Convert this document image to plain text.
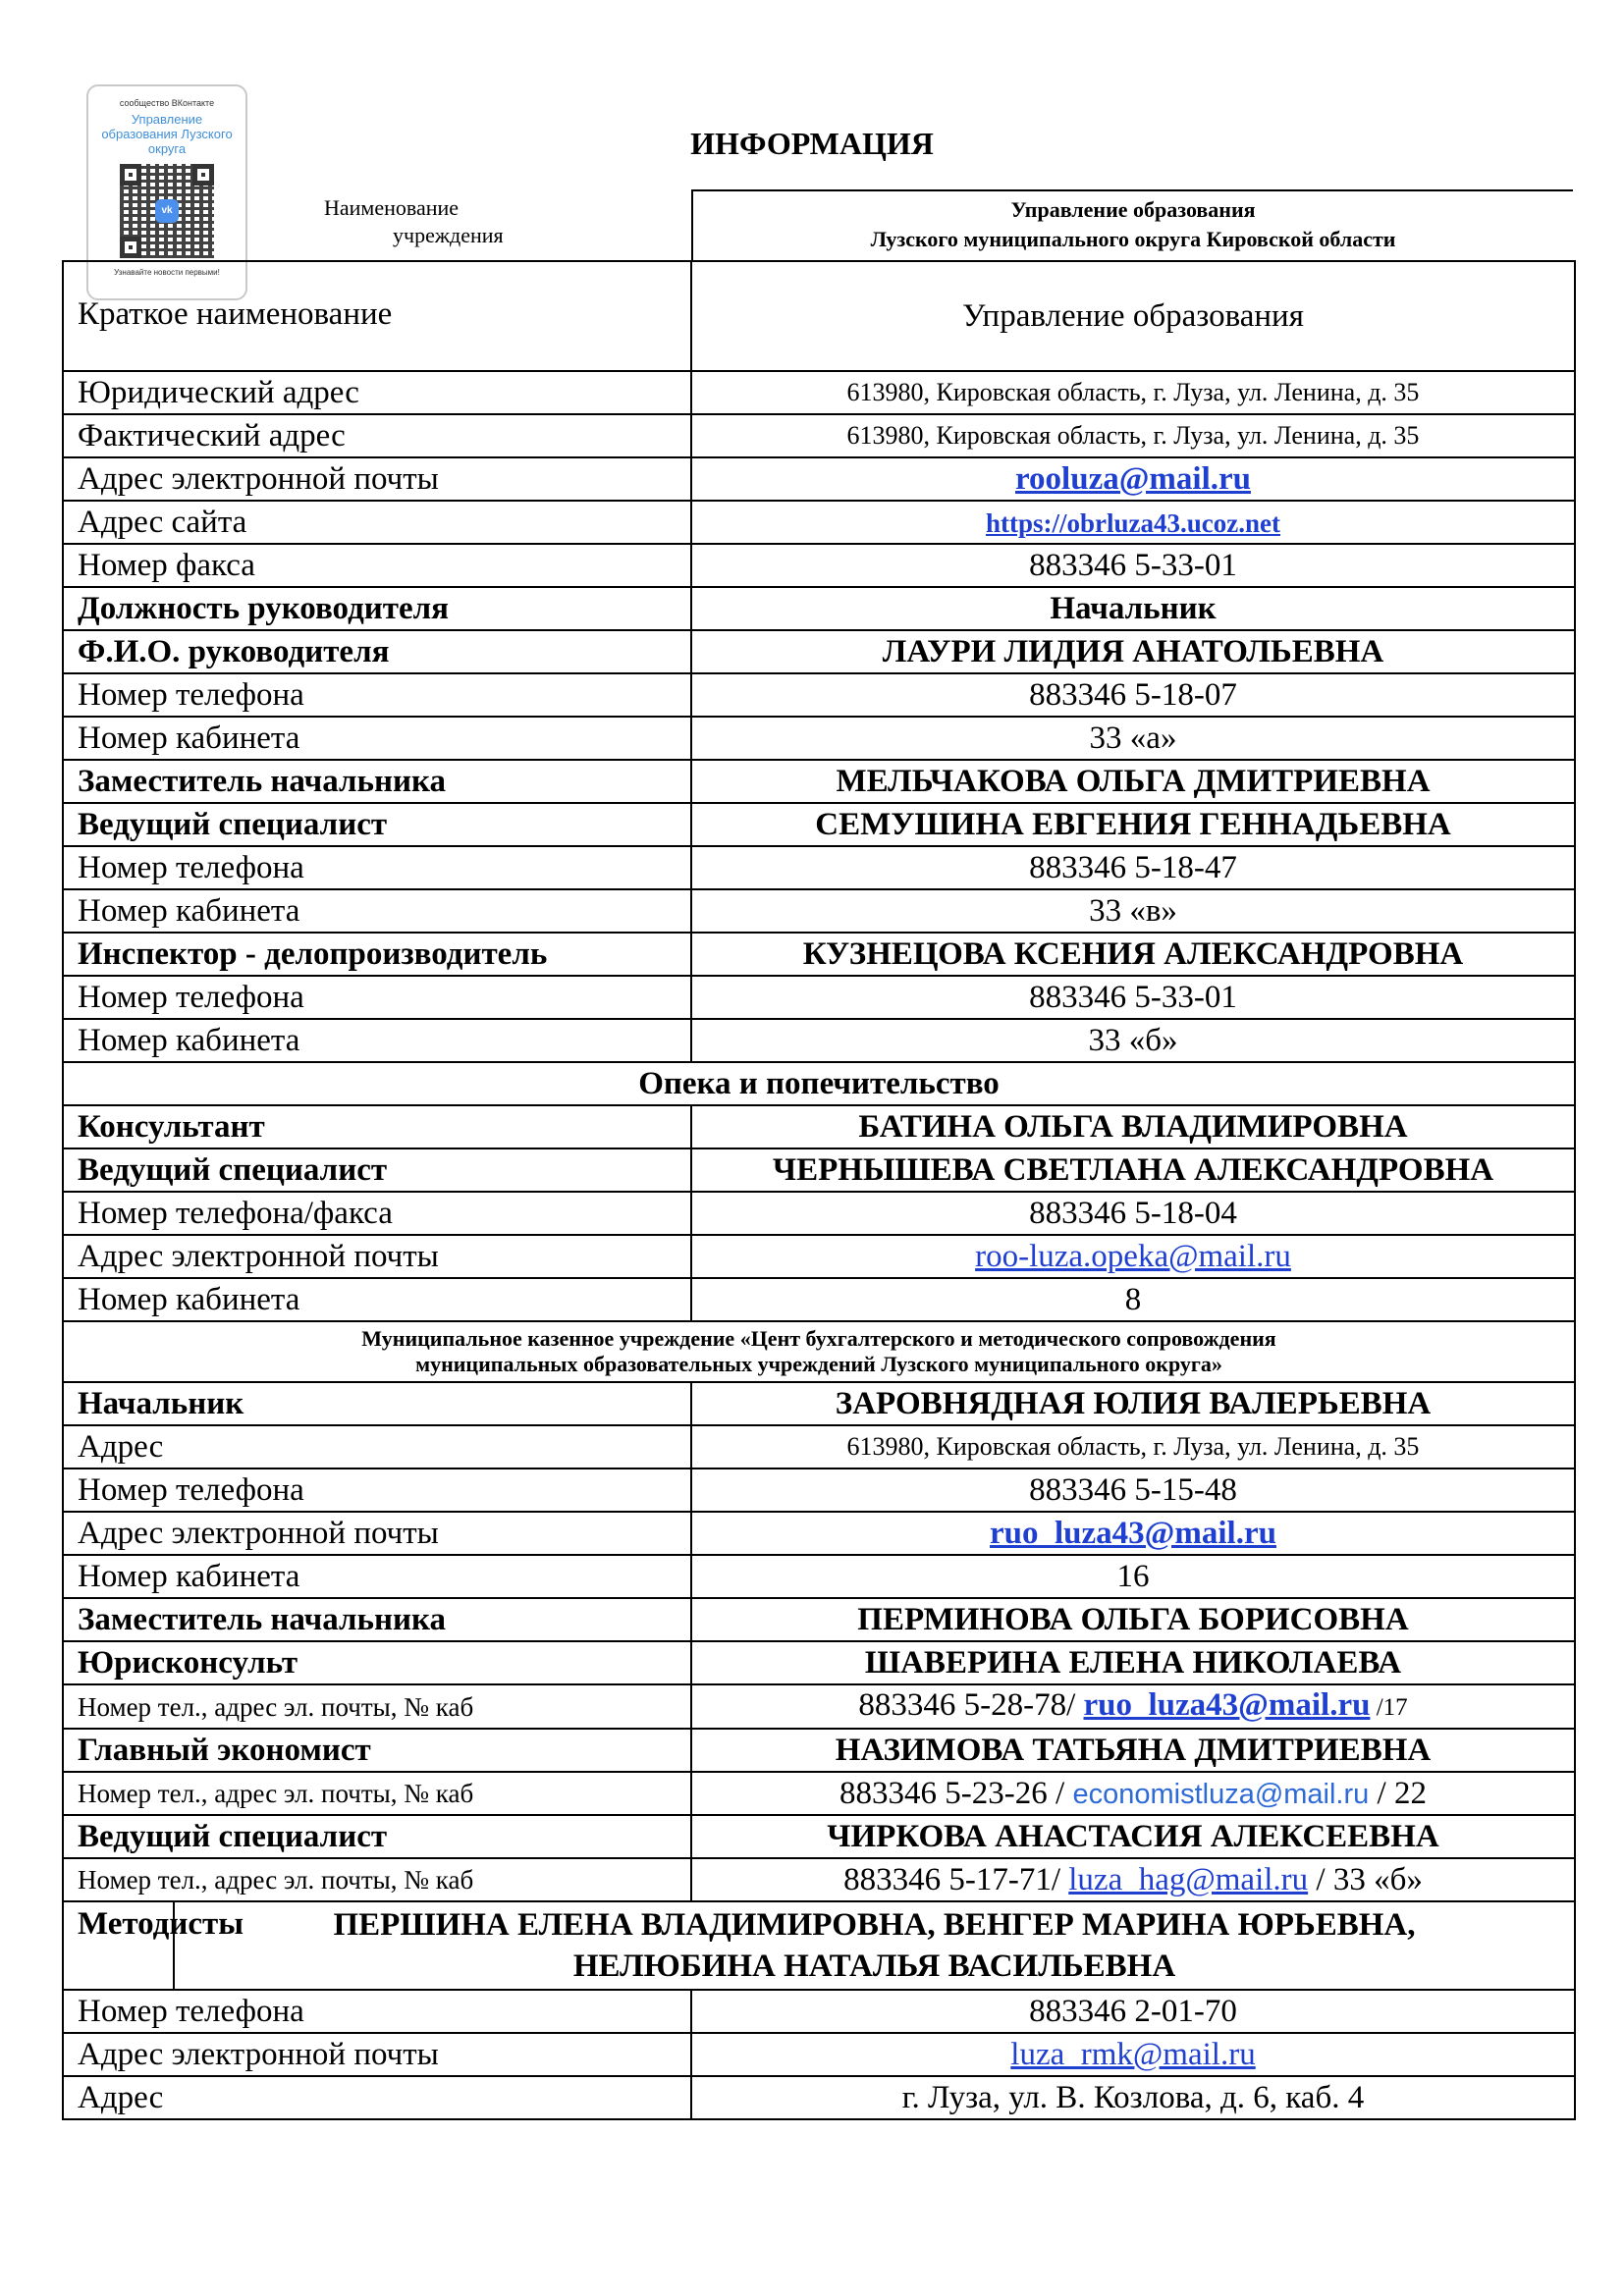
сообщество ВКонтакте
Управление образования Лузского округа
vk
Узнавайте новости первыми!
ИНФОРМАЦИЯ
Наименование
учреждения
Управление образования
Лузского муниципального округа Кировской области
Краткое наименование		Управление образования
Юридический адрес		613980, Кировская область, г. Луза, ул. Ленина, д. 35
Фактический адрес		613980, Кировская область, г. Луза, ул. Ленина, д. 35
Адрес электронной почты		rooluza@mail.ru
Адрес сайта		https://obrluza43.ucoz.net
Номер факса		883346 5-33-01
Должность руководителя		Начальник
Ф.И.О. руководителя		ЛАУРИ ЛИДИЯ АНАТОЛЬЕВНА
Номер телефона		883346 5-18-07
Номер кабинета		33 «а»
Заместитель начальника		МЕЛЬЧАКОВА ОЛЬГА ДМИТРИЕВНА
Ведущий специалист		СЕМУШИНА ЕВГЕНИЯ ГЕННАДЬЕВНА
Номер телефона		883346 5-18-47
Номер кабинета		33 «в»
Инспектор - делопроизводитель		КУЗНЕЦОВА КСЕНИЯ АЛЕКСАНДРОВНА
Номер телефона		883346 5-33-01
Номер кабинета		33 «б»
Опека и попечительство		
Консультант		БАТИНА ОЛЬГА ВЛАДИМИРОВНА
Ведущий специалист		ЧЕРНЫШЕВА СВЕТЛАНА АЛЕКСАНДРОВНА
Номер телефона/факса		883346 5-18-04
Адрес электронной почты		roo-luza.opeka@mail.ru
Номер кабинета		8

Муниципальное казенное учреждение «Цент бухгалтерского и методического сопровождения
муниципальных образовательных учреждений Лузского муниципального округа»		

Начальник		ЗАРОВНЯДНАЯ ЮЛИЯ ВАЛЕРЬЕВНА
Адрес		613980, Кировская область, г. Луза, ул. Ленина, д. 35
Номер телефона		883346 5-15-48
Адрес электронной почты		ruo_luza43@mail.ru
Номер кабинета		16
Заместитель начальника		ПЕРМИНОВА ОЛЬГА БОРИСОВНА
Юрисконсульт		ШАВЕРИНА ЕЛЕНА НИКОЛАЕВА
Номер тел., адрес эл. почты, № каб		883346 5-28-78/ ruo_luza43@mail.ru /17
Главный экономист		НАЗИМОВА ТАТЬЯНА ДМИТРИЕВНА
Номер тел., адрес эл. почты, № каб		883346 5-23-26 / economistluza@mail.ru / 22
Ведущий специалист		ЧИРКОВА АНАСТАСИЯ АЛЕКСЕЕВНА
Номер тел., адрес эл. почты, № каб		883346 5-17-71/ luza_hag@mail.ru / 33 «б»
Методисты	ПЕРШИНА ЕЛЕНА ВЛАДИМИРОВНА, ВЕНГЕР МАРИНА ЮРЬЕВНА,
НЕЛЮБИНА НАТАЛЬЯ ВАСИЛЬЕВНА	

Номер телефона		883346 2-01-70
Адрес электронной почты		luza_rmk@mail.ru
Адрес		г. Луза, ул. В. Козлова, д. 6, каб. 4
